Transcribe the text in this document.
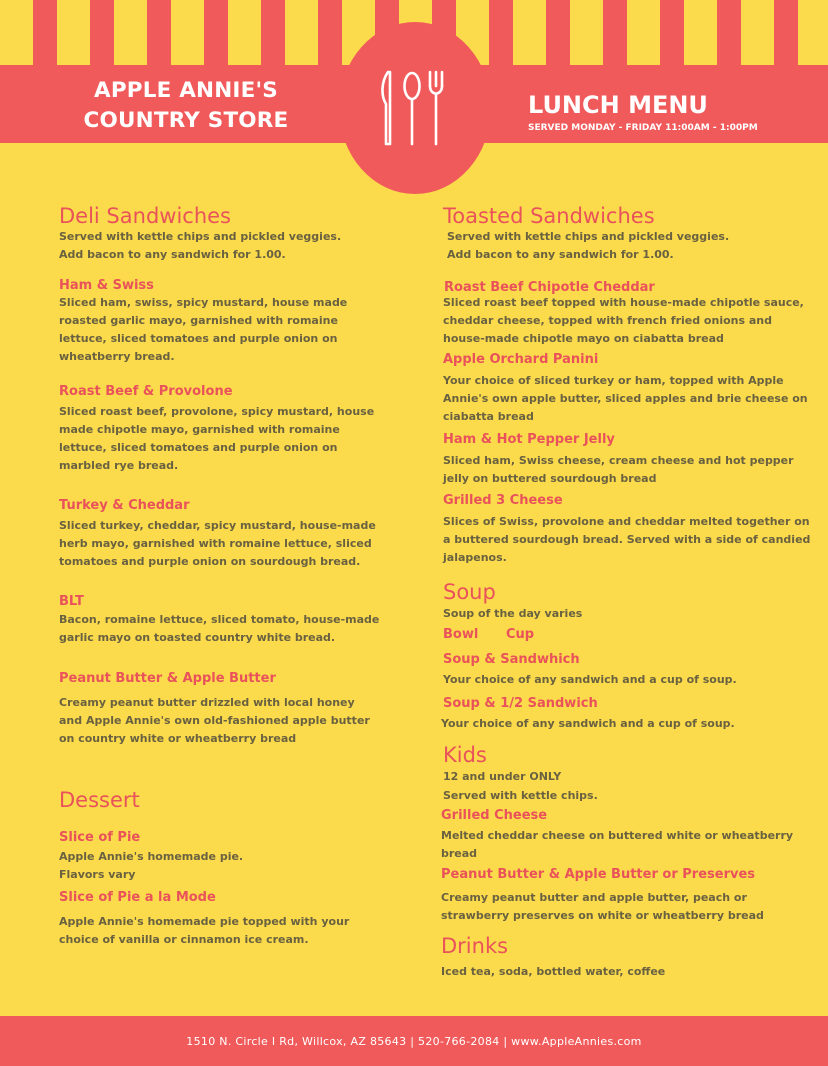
APPLE ANNIE'S
COUNTRY STORE
LUNCH MENU
SERVED MONDAY - FRIDAY 11:00AM - 1:00PM
Deli Sandwiches
Served with kettle chips and pickled veggies.
Add bacon to any sandwich for 1.00.
Ham & Swiss
Sliced ham, swiss, spicy mustard, house made roasted garlic mayo, garnished with romaine lettuce, sliced tomatoes and purple onion on wheatberry bread.
Roast Beef & Provolone
Sliced roast beef, provolone, spicy mustard, house made chipotle mayo, garnished with romaine lettuce, sliced tomatoes and purple onion on marbled rye bread.
Turkey & Cheddar
Sliced turkey, cheddar, spicy mustard, house-made herb mayo, garnished with romaine lettuce, sliced tomatoes and purple onion on sourdough bread.
BLT
Bacon, romaine lettuce, sliced tomato, house-made garlic mayo on toasted country white bread.
Peanut Butter & Apple Butter
Creamy peanut butter drizzled with local honey and Apple Annie's own old-fashioned apple butter on country white or wheatberry bread
Dessert
Slice of Pie
Apple Annie's homemade pie.
Flavors vary
Slice of Pie a la Mode
Apple Annie's homemade pie topped with your choice of vanilla or cinnamon ice cream.
Toasted Sandwiches
Served with kettle chips and pickled veggies.
Add bacon to any sandwich for 1.00.
Roast Beef Chipotle Cheddar
Sliced roast beef topped with house-made chipotle sauce, cheddar cheese, topped with french fried onions and house-made chipotle mayo on ciabatta bread
Apple Orchard Panini
Your choice of sliced turkey or ham, topped with Apple Annie's own apple butter, sliced apples and brie cheese on ciabatta bread
Ham & Hot Pepper Jelly
Sliced ham, Swiss cheese, cream cheese and hot pepper jelly on buttered sourdough bread
Grilled 3 Cheese
Slices of Swiss, provolone and cheddar melted together on a buttered sourdough bread. Served with a side of candied jalapenos.
Soup
Soup of the day varies
Bowl Cup
Soup & Sandwhich
Your choice of any sandwich and a cup of soup.
Soup & 1/2 Sandwich
Your choice of any sandwich and a cup of soup.
Kids
12 and under ONLY
Served with kettle chips.
Grilled Cheese
Melted cheddar cheese on buttered white or wheatberry bread
Peanut Butter & Apple Butter or Preserves
Creamy peanut butter and apple butter, peach or strawberry preserves on white or wheatberry bread
Drinks
Iced tea, soda, bottled water, coffee
1510 N. Circle I Rd, Willcox, AZ 85643 | 520-766-2084 | www.AppleAnnies.com
